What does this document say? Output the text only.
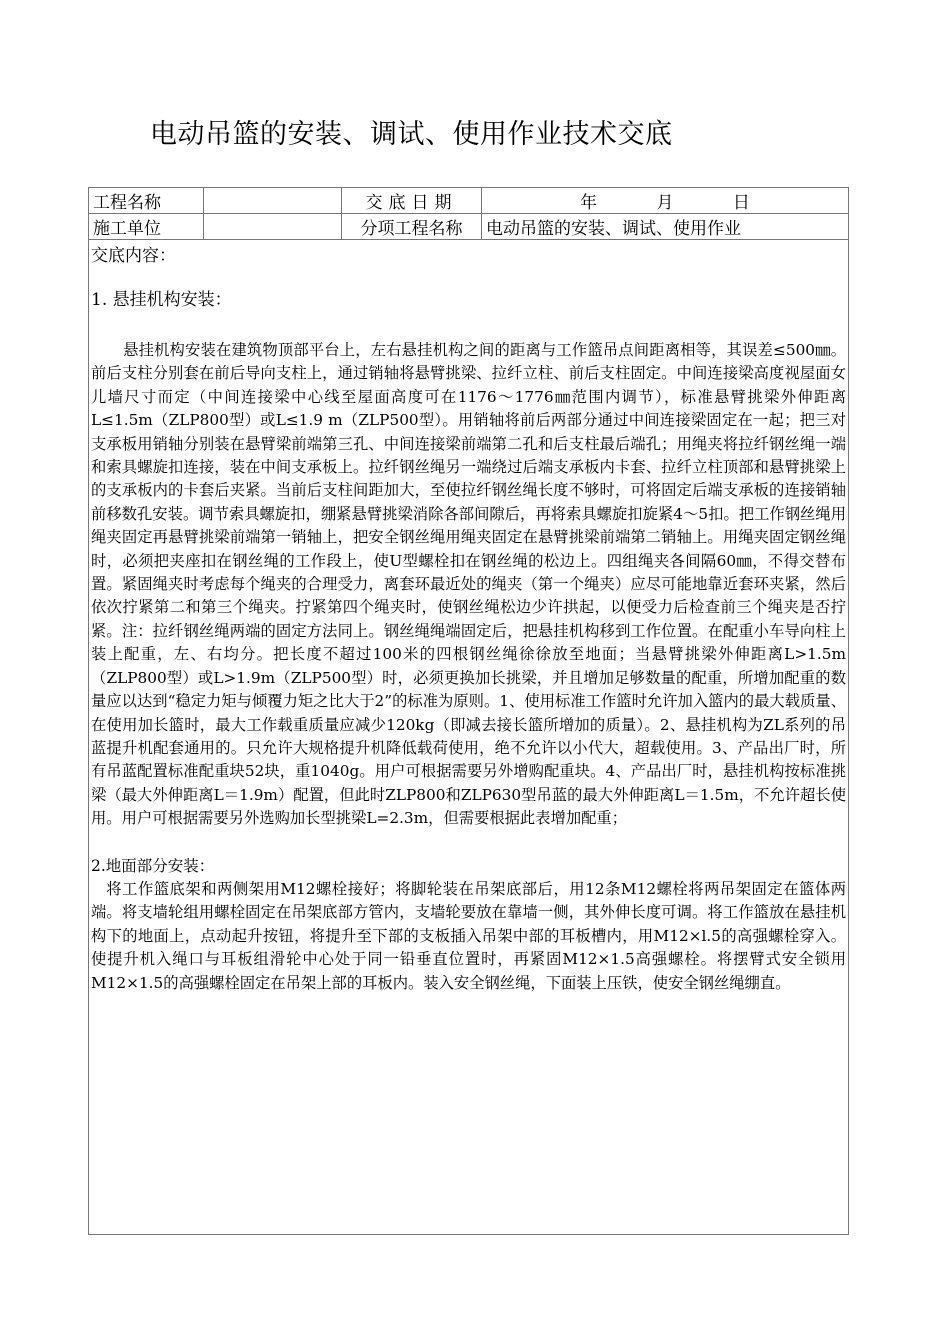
电动吊篮的安装、调试、使用作业技术交底
工程名称		交底日期	年 月 日
施工单位		分项工程名称	电动吊篮的安装、调试、使用作业

交底内容：

1. 悬挂机构安装：

悬挂机构安装在建筑物顶部平台上，左右悬挂机构之间的距离与工作篮吊点间距离相等，其误差≤500㎜。前后支柱分别套在前后导向支柱上，通过销轴将悬臂挑梁、拉纤立柱、前后支柱固定。中间连接梁高度视屋面女儿墙尺寸而定（中间连接梁中心线至屋面高度可在1176～1776㎜范围内调节），标准悬臂挑梁外伸距离L≤1.5m（ZLP800型）或L≤1.9 m（ZLP500型）。用销轴将前后两部分通过中间连接梁固定在一起；把三对支承板用销轴分别装在悬臂梁前端第三孔、中间连接梁前端第二孔和后支柱最后端孔；用绳夹将拉纤钢丝绳一端和索具螺旋扣连接，装在中间支承板上。拉纤钢丝绳另一端绕过后端支承板内卡套、拉纤立柱顶部和悬臂挑梁上的支承板内的卡套后夹紧。当前后支柱间距加大，至使拉纤钢丝绳长度不够时，可将固定后端支承板的连接销轴前移数孔安装。调节索具螺旋扣，绷紧悬臂挑梁消除各部间隙后，再将索具螺旋扣旋紧4～5扣。把工作钢丝绳用绳夹固定再悬臂挑梁前端第一销轴上，把安全钢丝绳用绳夹固定在悬臂挑梁前端第二销轴上。用绳夹固定钢丝绳时，必须把夹座扣在钢丝绳的工作段上，使U型螺栓扣在钢丝绳的松边上。四组绳夹各间隔60㎜，不得交替布置。紧固绳夹时考虑每个绳夹的合理受力，离套环最近处的绳夹（第一个绳夹）应尽可能地靠近套环夹紧，然后依次拧紧第二和第三个绳夹。拧紧第四个绳夹时，使钢丝绳松边少许拱起，以便受力后检查前三个绳夹是否拧紧。注：拉纤钢丝绳两端的固定方法同上。钢丝绳绳端固定后，把悬挂机构移到工作位置。在配重小车导向柱上装上配重，左、右均分。把长度不超过100米的四根钢丝绳徐徐放至地面；当悬臂挑梁外伸距离L>1.5m（ZLP800型）或L>1.9m（ZLP500型）时，必须更换加长挑梁，并且增加足够数量的配重，所增加配重的数量应以达到“稳定力矩与倾覆力矩之比大于2”的标准为原则。1、使用标准工作篮时允许加入篮内的最大载质量、在使用加长篮时，最大工作载重质量应减少120kg（即减去接长篮所增加的质量）。2、悬挂机构为ZL系列的吊蓝提升机配套通用的。只允许大规格提升机降低载荷使用，绝不允许以小代大，超载使用。3、产品出厂时，所有吊蓝配置标准配重块52块，重1040g。用户可根据需要另外增购配重块。4、产品出厂时，悬挂机构按标准挑梁（最大外伸距离L＝1.9m）配置，但此时ZLP800和ZLP630型吊蓝的最大外伸距离L＝1.5m，不允许超长使用。用户可根据需要另外选购加长型挑梁L=2.3m，但需要根据此表增加配重；

2.地面部分安装：

将工作篮底架和两侧架用M12螺栓接好；将脚轮装在吊架底部后，用12条M12螺栓将两吊架固定在篮体两端。将支墙轮组用螺栓固定在吊架底部方管内，支墙轮要放在靠墙一侧，其外伸长度可调。将工作篮放在悬挂机构下的地面上，点动起升按钮，将提升至下部的支板插入吊架中部的耳板槽内，用M12×l.5的高强螺栓穿入。使提升机入绳口与耳板组滑轮中心处于同一铅垂直位置时，再紧固M12×1.5高强螺栓。将摆臂式安全锁用M12×1.5的高强螺栓固定在吊架上部的耳板内。装入安全钢丝绳，下面装上压铁，使安全钢丝绳绷直。			
